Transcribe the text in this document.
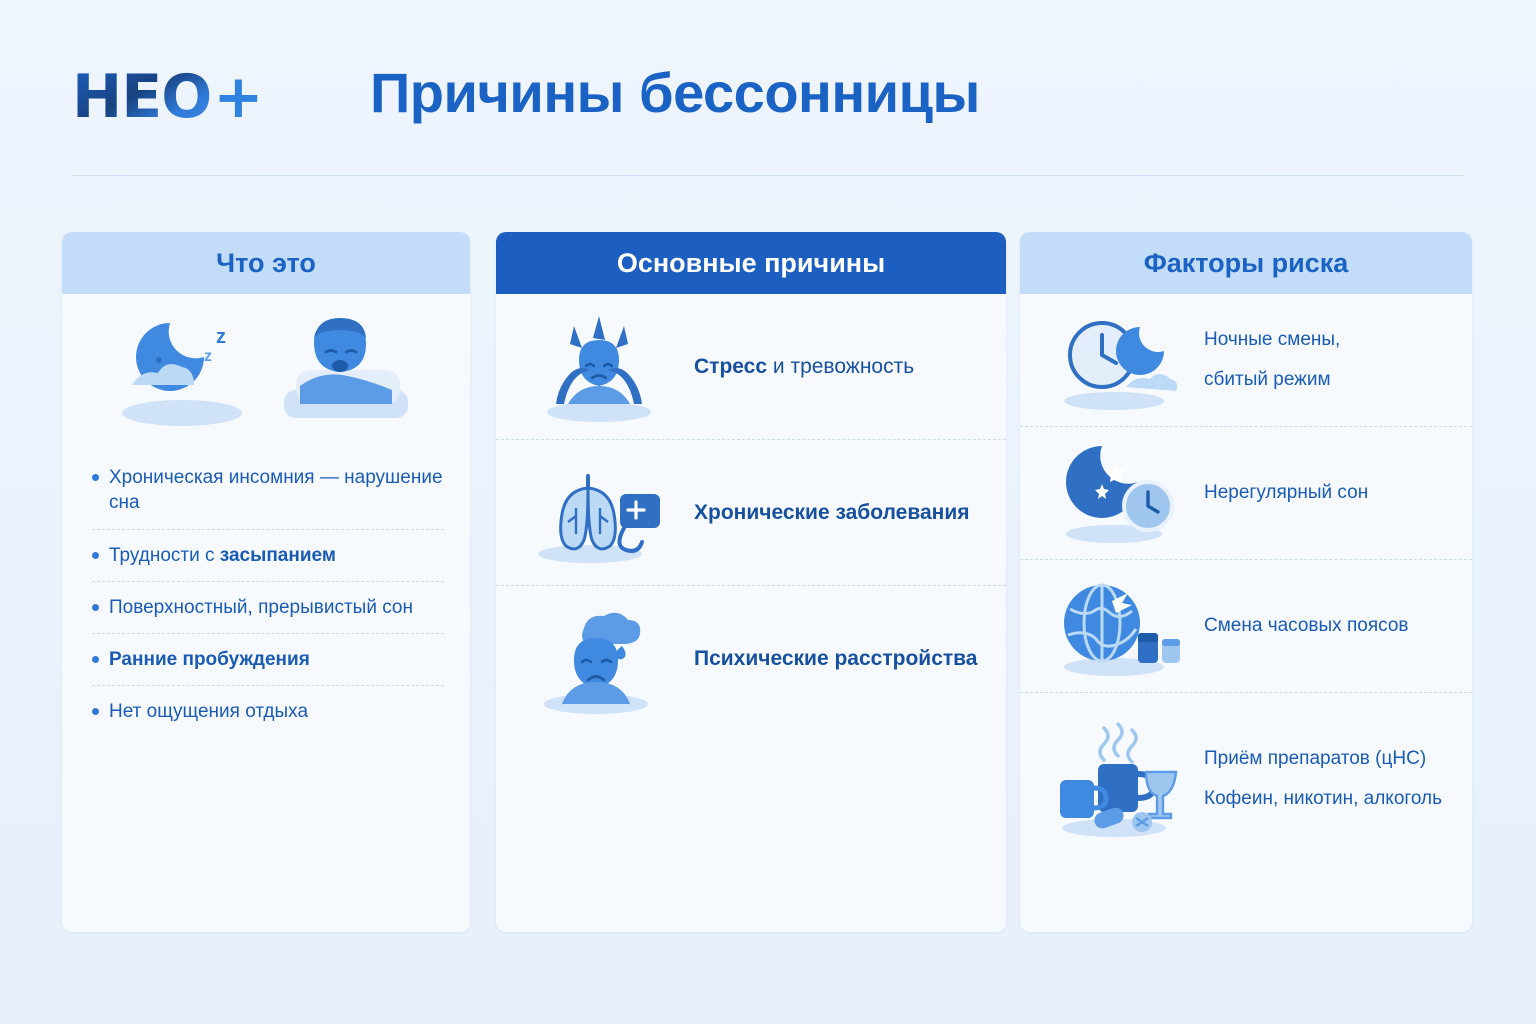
HEO + Причины бессонницы
Что это
z
z
Хроническая инсомния — нарушение сна
Трудности с засыпанием
Поверхностный, прерывистый сон
Ранние пробуждения
Нет ощущения отдыха
Основные причины
Стресс и тревожность
Хронические заболевания
Психические расстройства
Факторы риска
Ночные смены,
сбитый режим
Нерегулярный сон
Смена часовых поясов
Приём препаратов (цНС)
Кофеин, никотин, алкоголь
